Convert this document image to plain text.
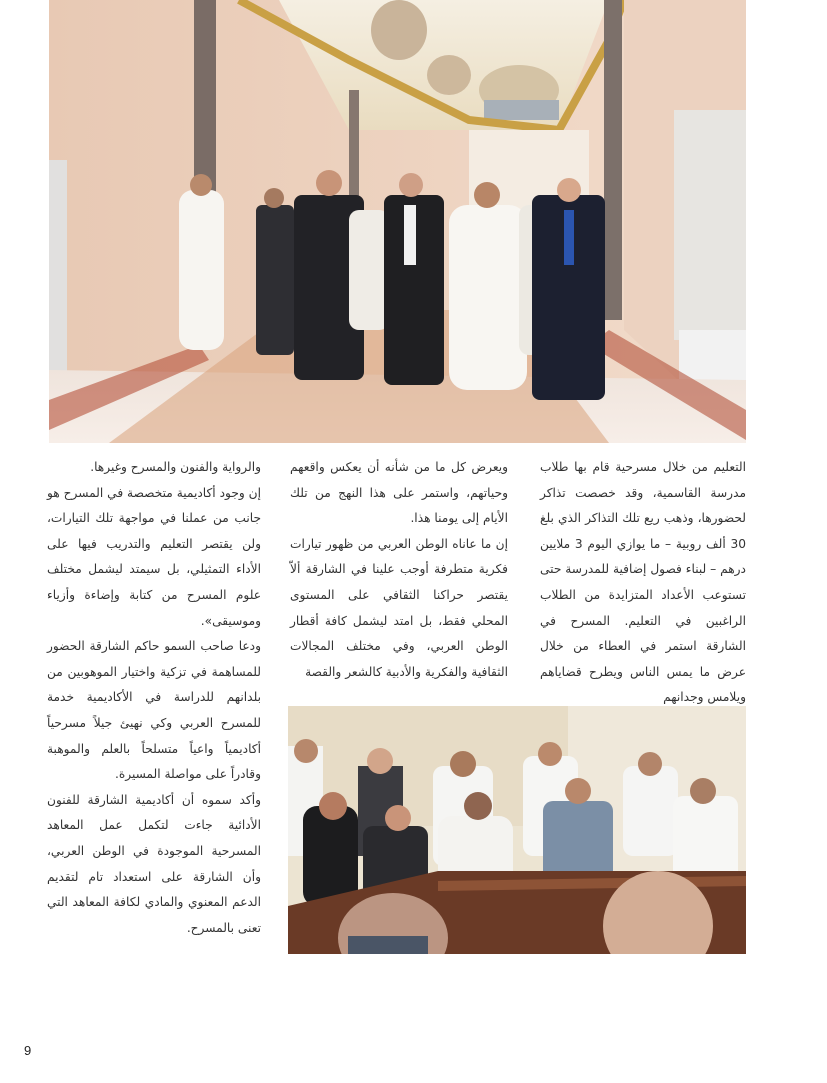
التعليم من خلال مسرحية قام بها طلاب مدرسة القاسمية، وقد خصصت تذاكر لحضورها، وذهب ريع تلك التذاكر الذي بلغ 30 ألف روبية – ما يوازي اليوم 3 ملايين درهم – لبناء فصول إضافية للمدرسة حتى تستوعب الأعداد المتزايدة من الطلاب الراغبين في التعليم. المسرح في الشارقة استمر في العطاء من خلال عرض ما يمس الناس ويطرح قضاياهم ويلامس وجدانهم

ويعرض كل ما من شأنه أن يعكس واقعهم وحياتهم، واستمر على هذا النهج من تلك الأيام إلى يومنا هذا.

إن ما عاناه الوطن العربي من ظهور تيارات فكرية متطرفة أوجب علينا في الشارقة ألاّ يقتصر حراكنا الثقافي على المستوى المحلي فقط، بل امتد ليشمل كافة أقطار الوطن العربي، وفي مختلف المجالات الثقافية والفكرية والأدبية كالشعر والقصة

والرواية والفنون والمسرح وغيرها.

إن وجود أكاديمية متخصصة في المسرح هو جانب من عملنا في مواجهة تلك التيارات، ولن يقتصر التعليم والتدريب فيها على الأداء التمثيلي، بل سيمتد ليشمل مختلف علوم المسرح من كتابة وإضاءة وأزياء وموسيقى».

ودعا صاحب السمو حاكم الشارقة الحضور للمساهمة في تزكية واختيار الموهوبين من بلدانهم للدراسة في الأكاديمية خدمة للمسرح العربي وكي نهيئ جيلاً مسرحياً أكاديمياً واعياً متسلحاً بالعلم والموهبة وقادراً على مواصلة المسيرة.

وأكد سموه أن أكاديمية الشارقة للفنون الأدائية جاءت لتكمل عمل المعاهد المسرحية الموجودة في الوطن العربي، وأن الشارقة على استعداد تام لتقديم الدعم المعنوي والمادي لكافة المعاهد التي تعنى بالمسرح.

9
